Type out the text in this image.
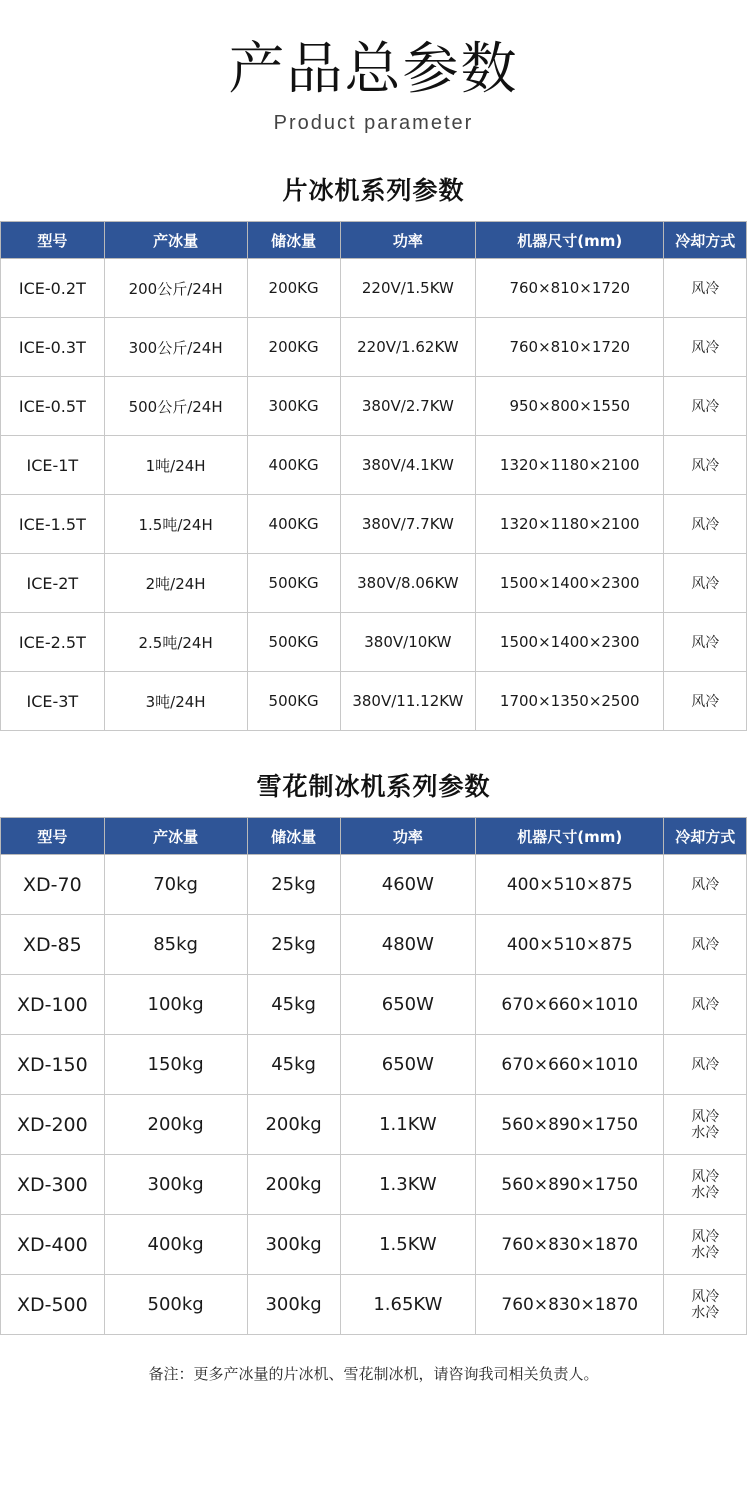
产品总参数
Product parameter
片冰机系列参数
型号	产冰量	储冰量	功率	机器尺寸(mm)	冷却方式
ICE-0.2T	200公斤/24H	200KG	220V/1.5KW	760×810×1720	风冷
ICE-0.3T	300公斤/24H	200KG	220V/1.62KW	760×810×1720	风冷
ICE-0.5T	500公斤/24H	300KG	380V/2.7KW	950×800×1550	风冷
ICE-1T	1吨/24H	400KG	380V/4.1KW	1320×1180×2100	风冷
ICE-1.5T	1.5吨/24H	400KG	380V/7.7KW	1320×1180×2100	风冷
ICE-2T	2吨/24H	500KG	380V/8.06KW	1500×1400×2300	风冷
ICE-2.5T	2.5吨/24H	500KG	380V/10KW	1500×1400×2300	风冷
ICE-3T	3吨/24H	500KG	380V/11.12KW	1700×1350×2500	风冷
雪花制冰机系列参数
型号	产冰量	储冰量	功率	机器尺寸(mm)	冷却方式
XD-70	70kg	25kg	460W	400×510×875	风冷
XD-85	85kg	25kg	480W	400×510×875	风冷
XD-100	100kg	45kg	650W	670×660×1010	风冷
XD-150	150kg	45kg	650W	670×660×1010	风冷
XD-200	200kg	200kg	1.1KW	560×890×1750	风冷
水冷
XD-300	300kg	200kg	1.3KW	560×890×1750	风冷
水冷
XD-400	400kg	300kg	1.5KW	760×830×1870	风冷
水冷
XD-500	500kg	300kg	1.65KW	760×830×1870	风冷
水冷
备注：更多产冰量的片冰机、雪花制冰机，请咨询我司相关负责人。
